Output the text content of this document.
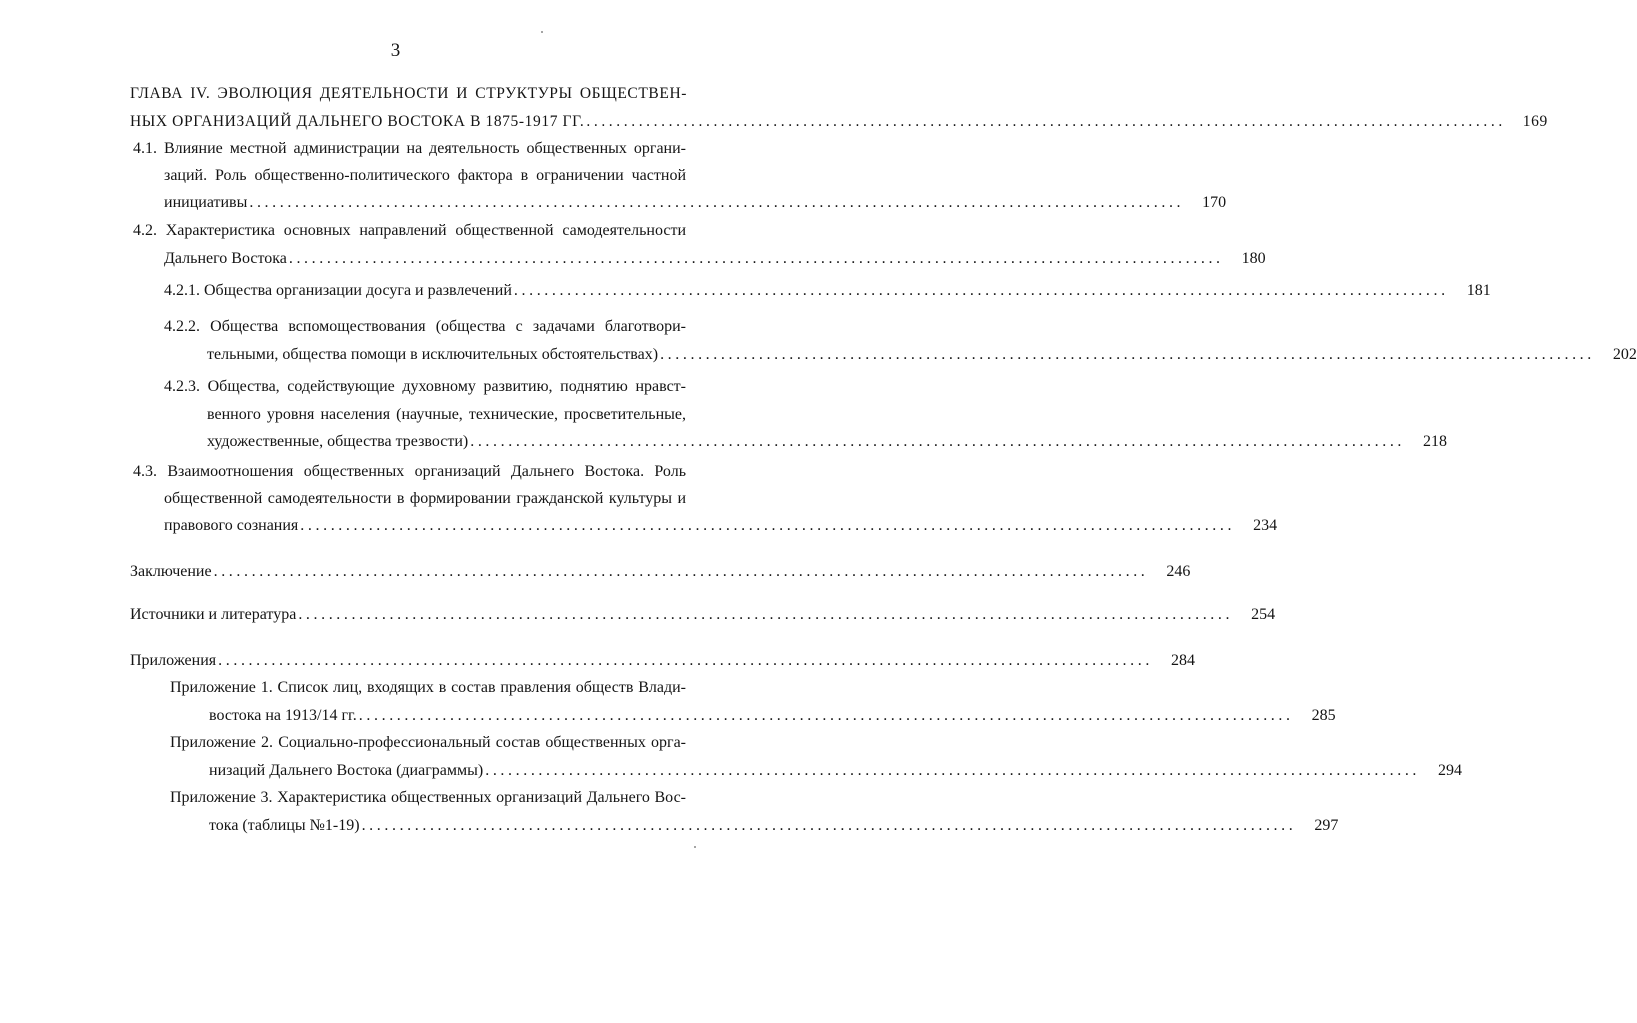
3
ГЛАВА IV. ЭВОЛЮЦИЯ ДЕЯТЕЛЬНОСТИ И СТРУКТУРЫ ОБЩЕСТВЕН-
НЫХ ОРГАНИЗАЦИЙ ДАЛЬНЕГО ВОСТОКА В 1875-1917 ГГ. ...........................................................................................................................	169
4.1. Влияние местной администрации на деятельность общественных органи-
заций. Роль общественно-политического фактора в ограничении частной
инициативы ...........................................................................................................................	170
4.2. Характеристика основных направлений общественной самодеятельности
Дальнего Востока ...........................................................................................................................	180
4.2.1. Общества организации досуга и развлечений ...........................................................................................................................	181
4.2.2. Общества вспомоществования (общества с задачами благотвори-
тельными, общества помощи в исключительных обстоятельствах) ...........................................................................................................................	202
4.2.3. Общества, содействующие духовному развитию, поднятию нравст-
венного уровня населения (научные, технические, просветительные,
художественные, общества трезвости) ...........................................................................................................................	218
4.3. Взаимоотношения общественных организаций Дальнего Востока. Роль
общественной самодеятельности в формировании гражданской культуры и
правового сознания ...........................................................................................................................	234
Заключение ...........................................................................................................................	246
Источники и литература ...........................................................................................................................	254
Приложения ...........................................................................................................................	284
Приложение 1. Список лиц, входящих в состав правления обществ Влади-
востока на 1913/14 гг. ...........................................................................................................................	285
Приложение 2. Социально-профессиональный состав общественных орга-
низаций Дальнего Востока (диаграммы) ...........................................................................................................................	294
Приложение 3. Характеристика общественных организаций Дальнего Вос-
тока (таблицы №1-19) ...........................................................................................................................	297
